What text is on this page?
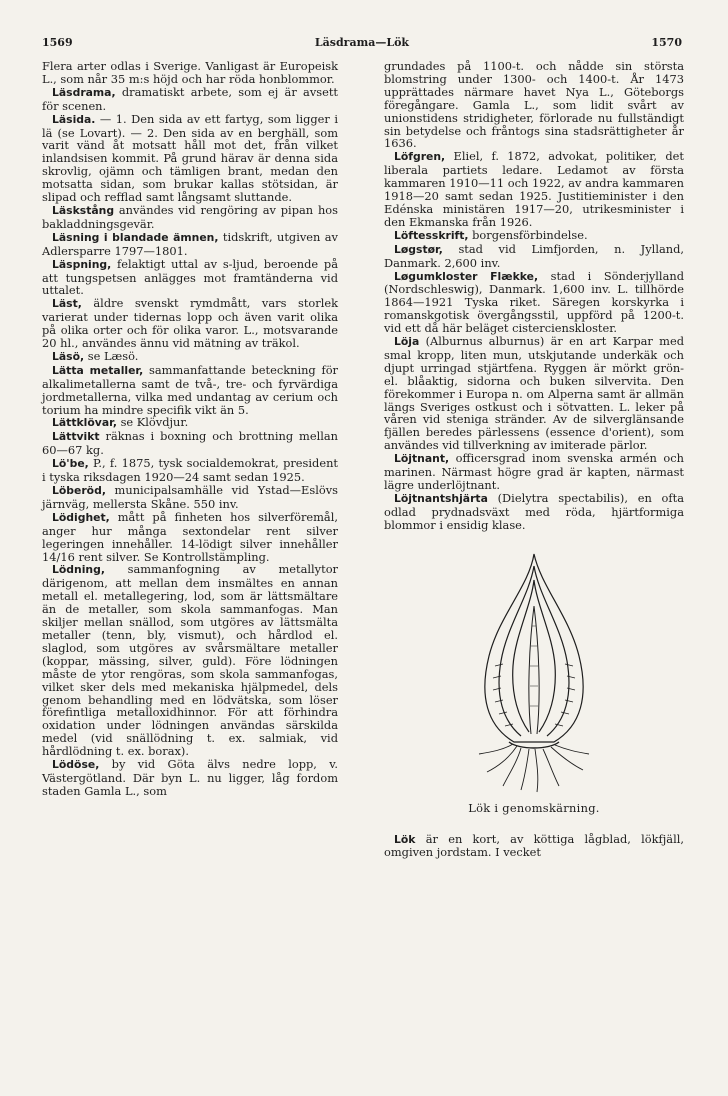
1569	Läsdrama—Lök	1570

Flera arter odlas i Sverige. Vanligast är Europeisk L., som når 35 m:s höjd och har röda honblommor.

Läsdrama, dramatiskt arbete, som ej är avsett för scenen.

Läsida. — 1. Den sida av ett fartyg, som ligger i lä (se Lovart). — 2. Den sida av en berghäll, som varit vänd åt motsatt håll mot det, från vilket inlandsisen kommit. På grund härav är denna sida skrovlig, ojämn och tämligen brant, medan den motsatta sidan, som brukar kallas stötsidan, är slipad och refflad samt långsamt sluttande.

Läskstång användes vid rengöring av pipan hos bakladdningsgevär.

Läsning i blandade ämnen, tidskrift, utgiven av Adlersparre 1797—1801.

Läspning, felaktigt uttal av s-ljud, beroende på att tungspetsen anlägges mot framtänderna vid uttalet.

Läst, äldre svenskt rymdmått, vars storlek varierat under tidernas lopp och även varit olika på olika orter och för olika varor. L., motsvarande 20 hl., användes ännu vid mätning av träkol.

Läsö, se Læsö.

Lätta metaller, sammanfattande beteckning för alkalimetallerna samt de två-, tre- och fyrvärdiga jordmetallerna, vilka med undantag av cerium och torium ha mindre specifik vikt än 5.

Lättklövar, se Klövdjur.

Lättvikt räknas i boxning och brottning mellan 60—67 kg.

Lö'be, P., f. 1875, tysk socialdemokrat, president i tyska riksdagen 1920—24 samt sedan 1925.

Löberöd, municipalsamhälle vid Ystad—Eslövs järnväg, mellersta Skåne. 550 inv.

Lödighet, mått på finheten hos silverföremål, anger hur många sextondelar rent silver legeringen innehåller. 14-lödigt silver innehåller 14/16 rent silver. Se Kontrollstämpling.

Lödning, sammanfogning av metallytor därigenom, att mellan dem insmältes en annan metall el. metallegering, lod, som är lättsmältare än de metaller, som skola sammanfogas. Man skiljer mellan snällod, som utgöres av lättsmälta metaller (tenn, bly, vismut), och hårdlod el. slaglod, som utgöres av svårsmältare metaller (koppar, mässing, silver, guld). Före lödningen måste de ytor rengöras, som skola sammanfogas, vilket sker dels med mekaniska hjälpmedel, dels genom behandling med en lödvätska, som löser förefintliga metalloxidhinnor. För att förhindra oxidation under lödningen användas särskilda medel (vid snällödning t. ex. salmiak, vid hårdlödning t. ex. borax).

Lödöse, by vid Göta älvs nedre lopp, v. Västergötland. Där byn L. nu ligger, låg fordom staden Gamla L., som

grundades på 1100-t. och nådde sin största blomstring under 1300- och 1400-t. År 1473 upprättades närmare havet Nya L., Göteborgs föregångare. Gamla L., som lidit svårt av unionstidens stridigheter, förlorade nu fullständigt sin betydelse och fråntogs sina stadsrättigheter år 1636.

Löfgren, Eliel, f. 1872, advokat, politiker, det liberala partiets ledare. Ledamot av första kammaren 1910—11 och 1922, av andra kammaren 1918—20 samt sedan 1925. Justitieminister i den Edénska ministären 1917—20, utrikesminister i den Ekmanska från 1926.

Löftesskrift, borgensförbindelse.

Løgstør, stad vid Limfjorden, n. Jylland, Danmark. 2,600 inv.

Løgumkloster Flække, stad i Sönderjylland (Nordschleswig), Danmark. 1,600 inv. L. tillhörde 1864—1921 Tyska riket. Säregen korskyrka i romanskgotisk övergångsstil, uppförd på 1200-t. vid ett då här beläget cistercienskloster.

Löja (Alburnus alburnus) är en art Karpar med smal kropp, liten mun, utskjutande underkäk och djupt urringad stjärtfena. Ryggen är mörkt grön- el. blåaktig, sidorna och buken silvervita. Den förekommer i Europa n. om Alperna samt är allmän längs Sveriges ostkust och i sötvatten. L. leker på våren vid steniga stränder. Av de silverglänsande fjällen beredes pärlessens (essence d'orient), som användes vid tillverkning av imiterade pärlor.

Löjtnant, officersgrad inom svenska armén och marinen. Närmast högre grad är kapten, närmast lägre underlöjtnant.

Löjtnantshjärta (Dielytra spectabilis), en ofta odlad prydnadsväxt med röda, hjärtformiga blommor i ensidig klase.

Lök i genomskärning.

Lök är en kort, av köttiga lågblad, lökfjäll, omgiven jordstam. I vecket
